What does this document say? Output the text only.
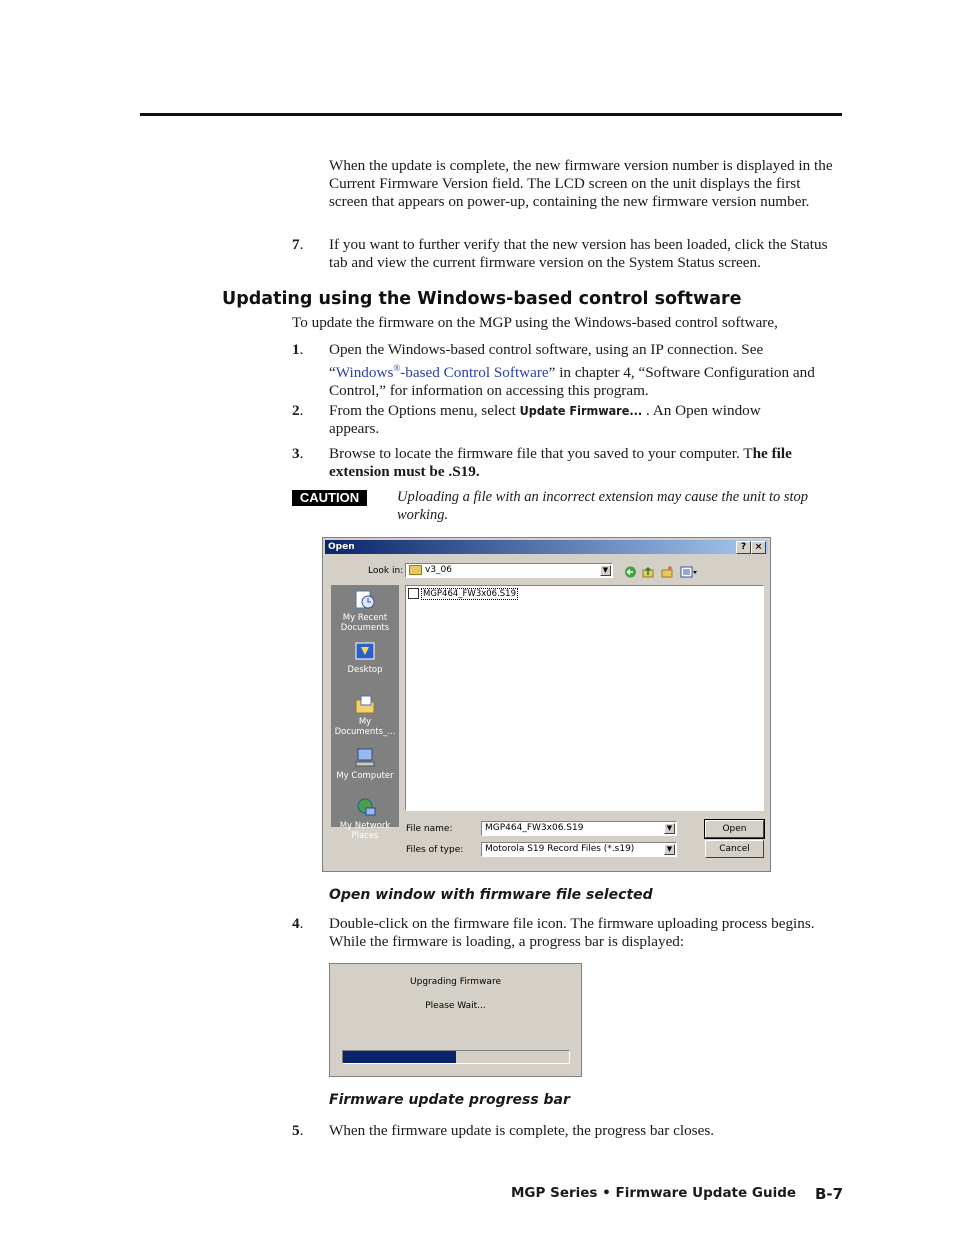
When the update is complete, the new firmware version number is displayed in the Current Firmware Version field. The LCD screen on the unit displays the first screen that appears on power-up, containing the new firmware version number.
7. If you want to further verify that the new version has been loaded, click the Status tab and view the current firmware version on the System Status screen.
Updating using the Windows-based control software
To update the firmware on the MGP using the Windows-based control software,
1. Open the Windows-based control software, using an IP connection. See “Windows®-based Control Software” in chapter 4, “Software Configuration and Control,” for information on accessing this program.
2. From the Options menu, select Update Firmware... . An Open window appears.
3. Browse to locate the firmware file that you saved to your computer. The file extension must be .S19.
CAUTION	Uploading a file with an incorrect extension may cause the unit to stop working.
Open	? ×
Look in:	v3_06	▼
My Recent Documents
Desktop
My Documents_...
My Computer
My Network Places
MGP464_FW3x06.S19
File name:	MGP464_FW3x06.S19	▼	Open
Files of type:	Motorola S19 Record Files (*.s19)	▼	Cancel
Open window with firmware file selected
4. Double-click on the firmware file icon. The firmware uploading process begins. While the firmware is loading, a progress bar is displayed:
Upgrading Firmware
Please Wait...
Firmware update progress bar
5. When the firmware update is complete, the progress bar closes.
MGP Series • Firmware Update Guide B-7
